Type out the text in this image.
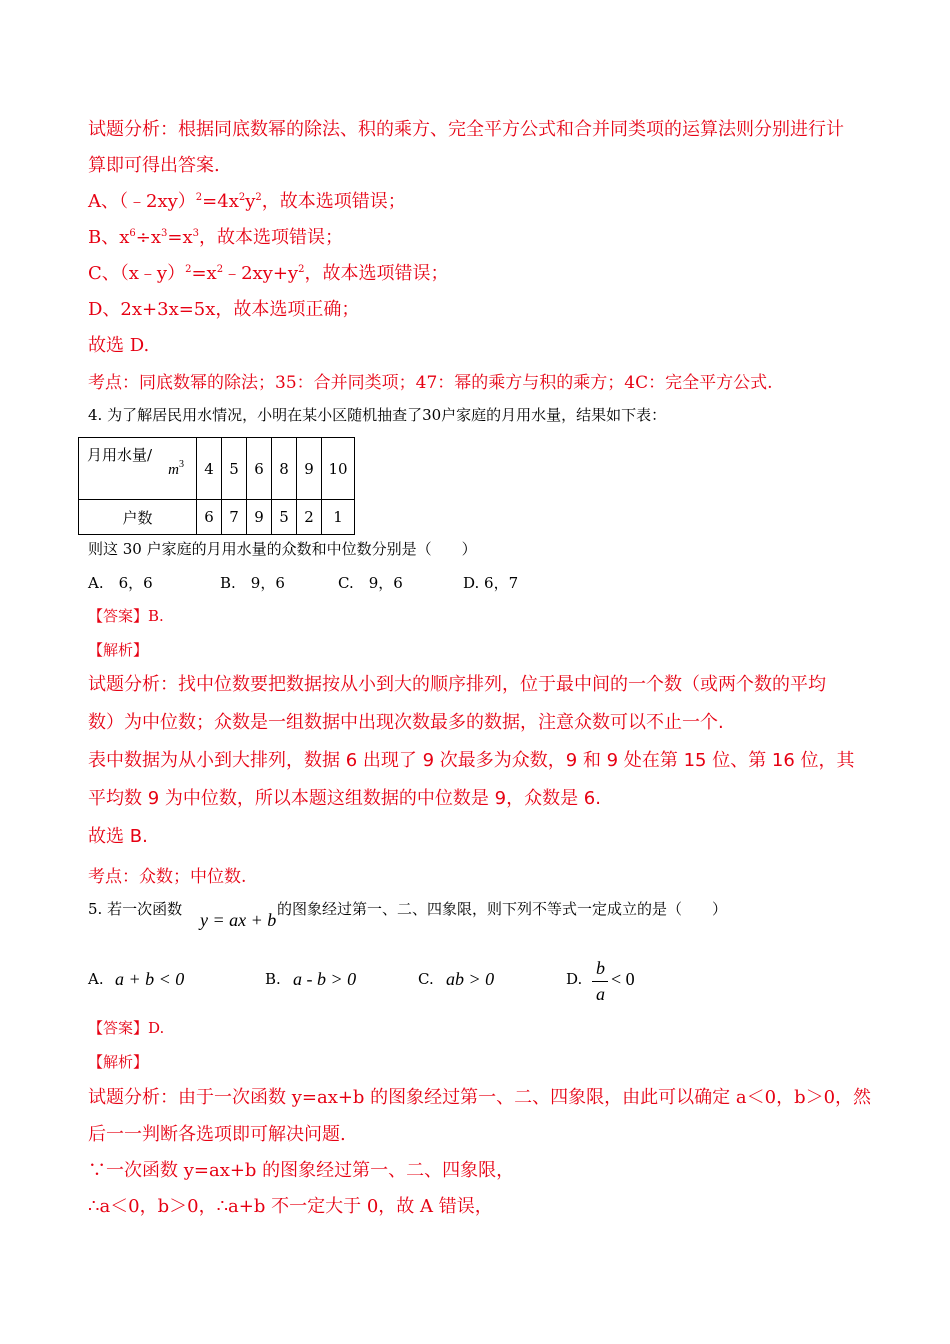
试题分析：根据同底数幂的除法、积的乘方、完全平方公式和合并同类项的运算法则分别进行计
算即可得出答案.
A、$(﹣2xy)^2=4x^2y^2$，故本选项错误；
B、$x^6\div x^3=x^3$，故本选项错误；
C、$(x﹣y)^2=x^2﹣2xy+y^2$，故本选项错误；
D、2x+3x=5x，故本选项正确；
故选 D.
考点：同底数幂的除法；35：合并同类项；47：幂的乘方与积的乘方；4C：完全平方公式.
4. 为了解居民用水情况，小明在某小区随机抽查了30户家庭的月用水量，结果如下表：
月用水量/
$m^3$	4	5	6	8	9	10
户数	6	7	9	5	2	1
则这 30 户家庭的月用水量的众数和中位数分别是（　　）
A.　6，6	B.　9，6	C.　9，6	D. 6，7
【答案】B.
【解析】
试题分析：找中位数要把数据按从小到大的顺序排列，位于最中间的一个数（或两个数的平均
数）为中位数；众数是一组数据中出现次数最多的数据，注意众数可以不止一个.
表中数据为从小到大排列，数据 6 出现了 9 次最多为众数，9 和 9 处在第 15 位、第 16 位，其
平均数 9 为中位数，所以本题这组数据的中位数是 9，众数是 6.
故选 B.
考点：众数；中位数.
5. 若一次函数
y = ax + b
的图象经过第一、二、四象限，则下列不等式一定成立的是（　　）
A. a + b < 0	B. a - b > 0	C. ab > 0	D.
b
a
< 0
【答案】D.
【解析】
试题分析：由于一次函数 y=ax+b 的图象经过第一、二、四象限，由此可以确定 a＜0，b＞0，然
后一一判断各选项即可解决问题.
∵一次函数 y=ax+b 的图象经过第一、二、四象限，
∴a＜0，b＞0，∴a+b 不一定大于 0，故 A 错误，
